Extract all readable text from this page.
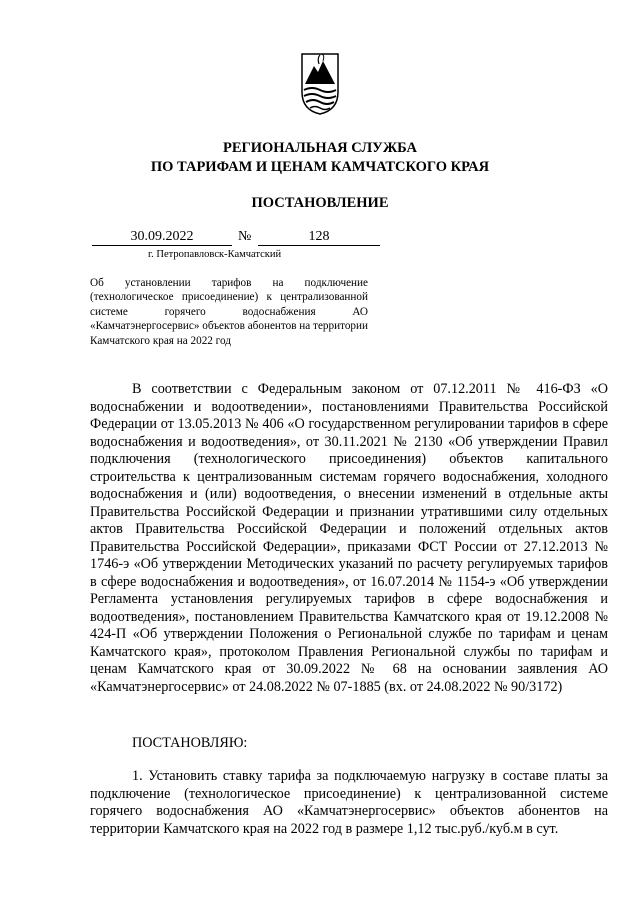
РЕГИОНАЛЬНАЯ СЛУЖБА
ПО ТАРИФАМ И ЦЕНАМ КАМЧАТСКОГО КРАЯ
ПОСТАНОВЛЕНИЕ
30.09.2022	№	128
г. Петропавловск-Камчатский
Об установлении тарифов на подключение (технологическое присоединение) к централизованной системе горячего водоснабжения АО «Камчатэнергосервис» объектов абонентов на территории Камчатского края на 2022 год

В соответствии с Федеральным законом от 07.12.2011 № 416-ФЗ «О водоснабжении и водоотведении», постановлениями Правительства Российской Федерации от 13.05.2013 № 406 «О государственном регулировании тарифов в сфере водоснабжения и водоотведения», от 30.11.2021 № 2130 «Об утверждении Правил подключения (технологического присоединения) объектов капитального строительства к централизованным системам горячего водоснабжения, холодного водоснабжения и (или) водоотведения, о внесении изменений в отдельные акты Правительства Российской Федерации и признании утратившими силу отдельных актов Правительства Российской Федерации и положений отдельных актов Правительства Российской Федерации», приказами ФСТ России от 27.12.2013 № 1746-э «Об утверждении Методических указаний по расчету регулируемых тарифов в сфере водоснабжения и водоотведения», от 16.07.2014 № 1154-э «Об утверждении Регламента установления регулируемых тарифов в сфере водоснабжения и водоотведения», постановлением Правительства Камчатского края от 19.12.2008 № 424-П «Об утверждении Положения о Региональной службе по тарифам и ценам Камчатского края», протоколом Правления Региональной службы по тарифам и ценам Камчатского края от 30.09.2022 № 68 на основании заявления АО «Камчатэнергосервис» от 24.08.2022 № 07-1885 (вх. от 24.08.2022 № 90/3172)

ПОСТАНОВЛЯЮ:

1. Установить ставку тарифа за подключаемую нагрузку в составе платы за подключение (технологическое присоединение) к централизованной системе горячего водоснабжения АО «Камчатэнергосервис» объектов абонентов на территории Камчатского края на 2022 год в размере 1,12 тыс.руб./куб.м в сут.
